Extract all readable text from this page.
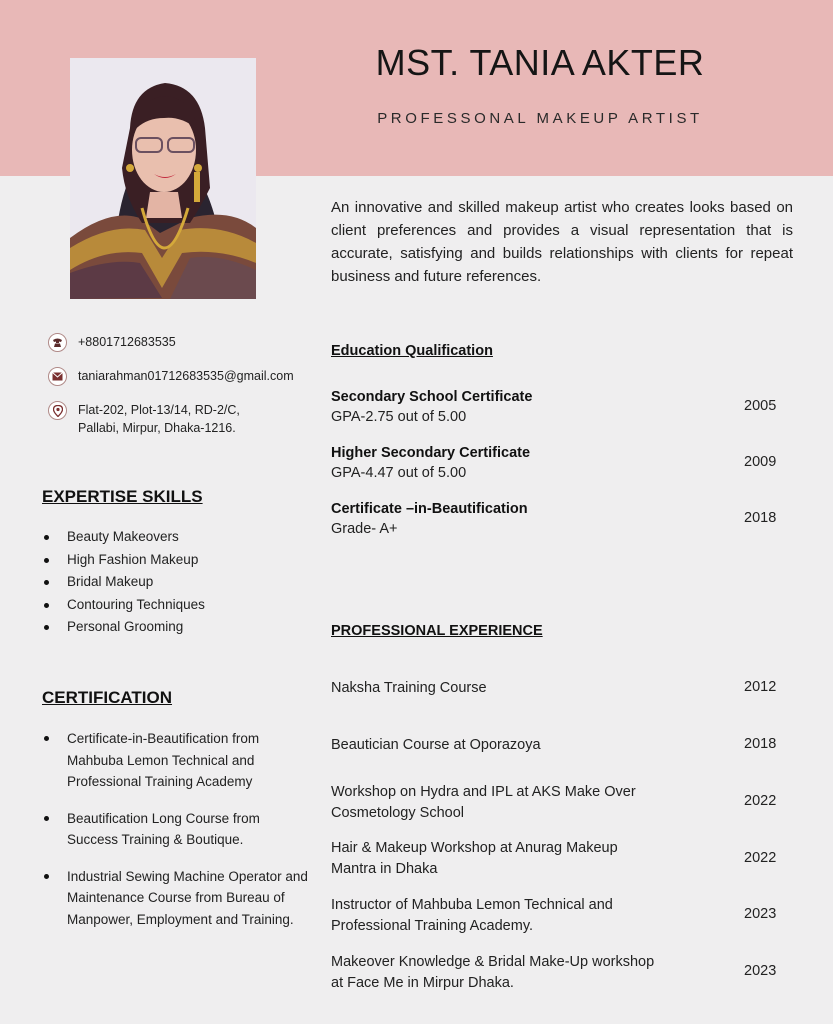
MST. TANIA AKTER
PROFESSONAL MAKEUP ARTIST
An innovative and skilled makeup artist who creates looks based on client preferences and provides a visual representation that is accurate, satisfying and builds relationships with clients for repeat business and future references.
+8801712683535
taniarahman01712683535@gmail.com
Flat-202, Plot-13/14, RD-2/C,
Pallabi, Mirpur, Dhaka-1216.
EXPERTISE SKILLS
Beauty Makeovers
High Fashion Makeup
Bridal Makeup
Contouring Techniques
Personal Grooming
CERTIFICATION
Certificate-in-Beautification from Mahbuba Lemon Technical and Professional Training Academy
Beautification Long Course from Success Training & Boutique.
Industrial Sewing Machine Operator and Maintenance Course from Bureau of Manpower, Employment and Training.
Education Qualification
Secondary School Certificate
GPA-2.75 out of 5.00
2005
Higher Secondary Certificate
GPA-4.47 out of 5.00
2009
Certificate –in-Beautification
Grade- A+
2018
PROFESSIONAL EXPERIENCE
Naksha Training Course	2012
Beautician Course at Oporazoya	2018
Workshop on Hydra and IPL at AKS Make Over Cosmetology School
2022
Hair & Makeup Workshop at Anurag Makeup Mantra in Dhaka
2022
Instructor of Mahbuba Lemon Technical and Professional Training Academy.
2023
Makeover Knowledge & Bridal Make-Up workshop at Face Me in Mirpur Dhaka.
2023
